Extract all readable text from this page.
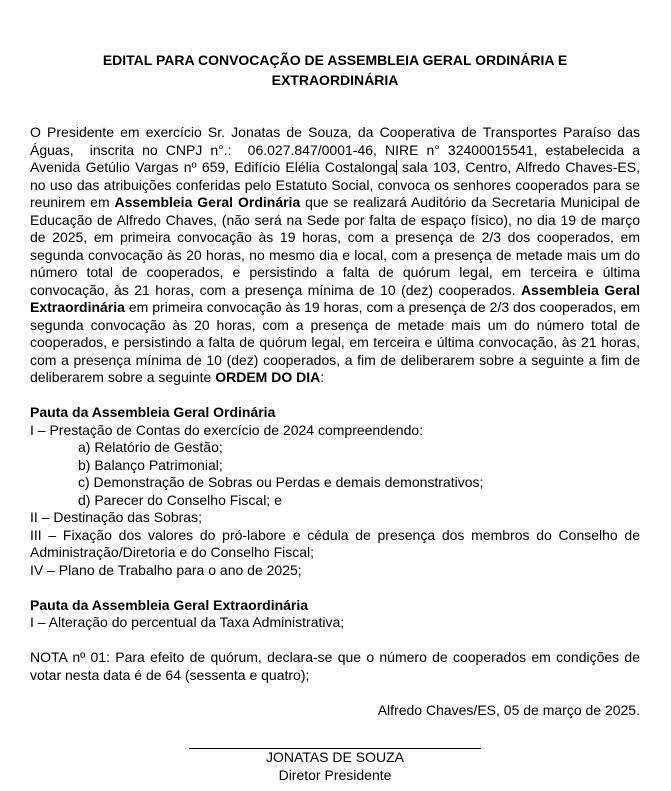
EDITAL PARA CONVOCAÇÃO DE ASSEMBLEIA GERAL ORDINÁRIA E
EXTRAORDINÁRIA

O Presidente em exercício Sr. Jonatas de Souza, da Cooperativa de Transportes Paraíso das Águas,  inscrita no CNPJ n°.:  06.027.847/0001-46, NIRE n° 32400015541, estabelecida a Avenida Getúlio Vargas nº 659, Edifício Elélia Costalonga sala 103, Centro, Alfredo Chaves-ES, no uso das atribuições conferidas pelo Estatuto Social, convoca os senhores cooperados para se reunirem em Assembleia Geral Ordinária que se realizará Auditório da Secretaria Municipal de Educação de Alfredo Chaves, (não será na Sede por falta de espaço físico), no dia 19 de março de 2025, em primeira convocação às 19 horas, com a presença de 2/3 dos cooperados, em segunda convocação às 20 horas, no mesmo dia e local, com a presença de metade mais um do número total de cooperados, e persistindo a falta de quórum legal, em terceira e última convocação, às 21 horas, com a presença mínima de 10 (dez) cooperados. Assembleia Geral Extraordinária em primeira convocação às 19 horas, com a presença de 2/3 dos cooperados, em segunda convocação às 20 horas, com a presença de metade mais um do número total de cooperados, e persistindo a falta de quórum legal, em terceira e última convocação, às 21 horas, com a presença mínima de 10 (dez) cooperados, a fim de deliberarem sobre a seguinte a fim de deliberarem sobre a seguinte ORDEM DO DIA:

Pauta da Assembleia Geral Ordinária
I – Prestação de Contas do exercício de 2024 compreendendo:
a) Relatório de Gestão;
b) Balanço Patrimonial;
c) Demonstração de Sobras ou Perdas e demais demonstrativos;
d) Parecer do Conselho Fiscal; e
II – Destinação das Sobras;
III – Fixação dos valores do pró-labore e cédula de presença dos membros do Conselho de Administração/Diretoria e do Conselho Fiscal;
IV – Plano de Trabalho para o ano de 2025;
Pauta da Assembleia Geral Extraordinária
I – Alteração do percentual da Taxa Administrativa;

NOTA nº 01: Para efeito de quórum, declara-se que o número de cooperados em condições de votar nesta data é de 64 (sessenta e quatro);

Alfredo Chaves/ES, 05 de março de 2025.
JONATAS DE SOUZA
Diretor Presidente
